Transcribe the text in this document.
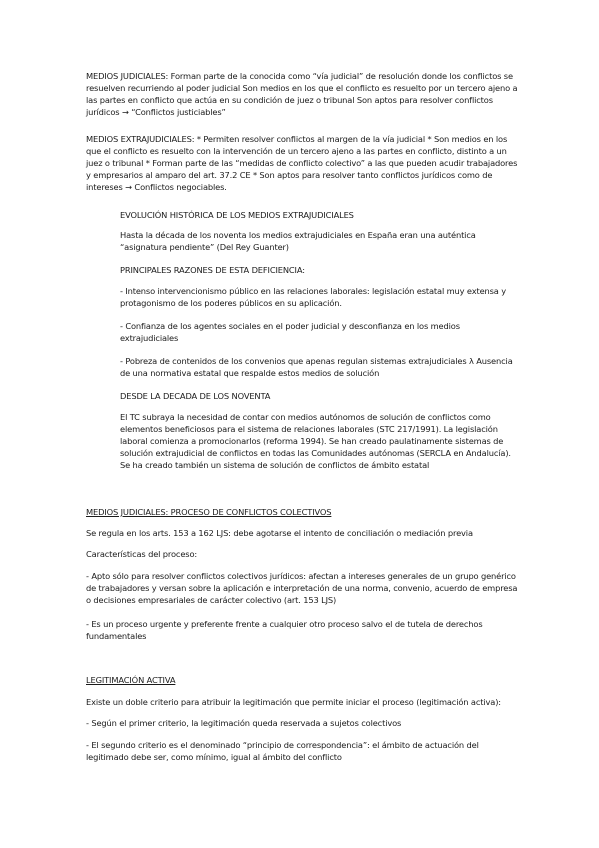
MEDIOS JUDICIALES: Forman parte de la conocida como “vía judicial” de resolución donde los conflictos se resuelven recurriendo al poder judicial Son medios en los que el conflicto es resuelto por un tercero ajeno a las partes en conflicto que actúa en su condición de juez o tribunal Son aptos para resolver conflictos jurídicos → “Conflictos justiciables”

MEDIOS EXTRAJUDICIALES: * Permiten resolver conflictos al margen de la vía judicial * Son medios en los que el conflicto es resuelto con la intervención de un tercero ajeno a las partes en conflicto, distinto a un juez o tribunal * Forman parte de las “medidas de conflicto colectivo” a las que pueden acudir trabajadores y empresarios al amparo del art. 37.2 CE * Son aptos para resolver tanto conflictos jurídicos como de intereses → Conflictos negociables.

EVOLUCIÓN HISTÓRICA DE LOS MEDIOS EXTRAJUDICIALES

Hasta la década de los noventa los medios extrajudiciales en España eran una auténtica “asignatura pendiente” (Del Rey Guanter)

PRINCIPALES RAZONES DE ESTA DEFICIENCIA:

- Intenso intervencionismo público en las relaciones laborales: legislación estatal muy extensa y protagonismo de los poderes públicos en su aplicación.

- Confianza de los agentes sociales en el poder judicial y desconfianza en los medios extrajudiciales

- Pobreza de contenidos de los convenios que apenas regulan sistemas extrajudiciales λ Ausencia de una normativa estatal que respalde estos medios de solución

DESDE LA DECADA DE LOS NOVENTA

El TC subraya la necesidad de contar con medios autónomos de solución de conflictos como elementos beneficiosos para el sistema de relaciones laborales (STC 217/1991). La legislación laboral comienza a promocionarlos (reforma 1994). Se han creado paulatinamente sistemas de solución extrajudicial de conflictos en todas las Comunidades autónomas (SERCLA en Andalucía). Se ha creado también un sistema de solución de conflictos de ámbito estatal

MEDIOS JUDICIALES: PROCESO DE CONFLICTOS COLECTIVOS

Se regula en los arts. 153 a 162 LJS: debe agotarse el intento de conciliación o mediación previa

Características del proceso:

- Apto sólo para resolver conflictos colectivos jurídicos: afectan a intereses generales de un grupo genérico de trabajadores y versan sobre la aplicación e interpretación de una norma, convenio, acuerdo de empresa o decisiones empresariales de carácter colectivo (art. 153 LJS)

- Es un proceso urgente y preferente frente a cualquier otro proceso salvo el de tutela de derechos fundamentales

LEGITIMACIÓN ACTIVA

Existe un doble criterio para atribuir la legitimación que permite iniciar el proceso (legitimación activa):

- Según el primer criterio, la legitimación queda reservada a sujetos colectivos

- El segundo criterio es el denominado “principio de correspondencia”: el ámbito de actuación del legitimado debe ser, como mínimo, igual al ámbito del conflicto
